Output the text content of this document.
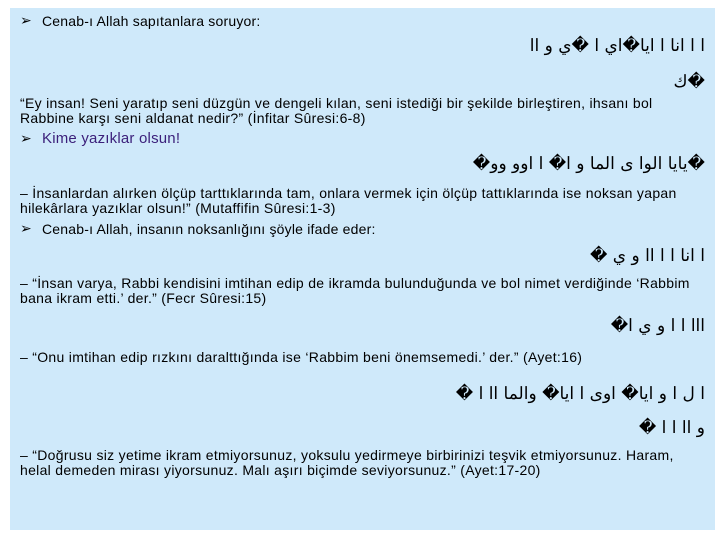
➢ Cenab-ı Allah sapıtanlara soruyor:
ا ا انا ا ايا�اي ا �ي و اا
�ك
“Ey insan! Seni yaratıp seni düzgün ve dengeli kılan, seni istediği bir şekilde birleştiren, ihsanı bol Rabbine karşı seni aldanat nedir?” (İnfitar Sûresi:6-8)
➢ Kime yazıklar olsun!
�يايا الوا ى الما و ا� ا اوو وو�
– İnsanlardan alırken ölçüp tarttıklarında tam, onlara vermek için ölçüp tattıklarında ise noksan yapan hilekârlara yazıklar olsun!” (Mutaffifin Sûresi:1-3)
➢ Cenab-ı Allah, insanın noksanlığını şöyle ifade eder:
ا انا ا ا اا و ي �
– “İnsan varya, Rabbi kendisini imtihan edip de ikramda bulunduğunda ve bol nimet verdiğinde ‘Rabbim bana ikram etti.’ der.” (Fecr Sûresi:15)
ااا ا ا و ي ا�
– “Onu imtihan edip rızkını daralttığında ise ‘Rabbim beni önemsemedi.’ der.” (Ayet:16)
ا ل ا و ايا� اوى ا ايا� والما اا ا �
و اا ا ا �
– “Doğrusu siz yetime ikram etmiyorsunuz, yoksulu yedirmeye birbirinizi teşvik etmiyorsunuz. Haram, helal demeden mirası yiyorsunuz. Malı aşırı biçimde seviyorsunuz.” (Ayet:17-20)
